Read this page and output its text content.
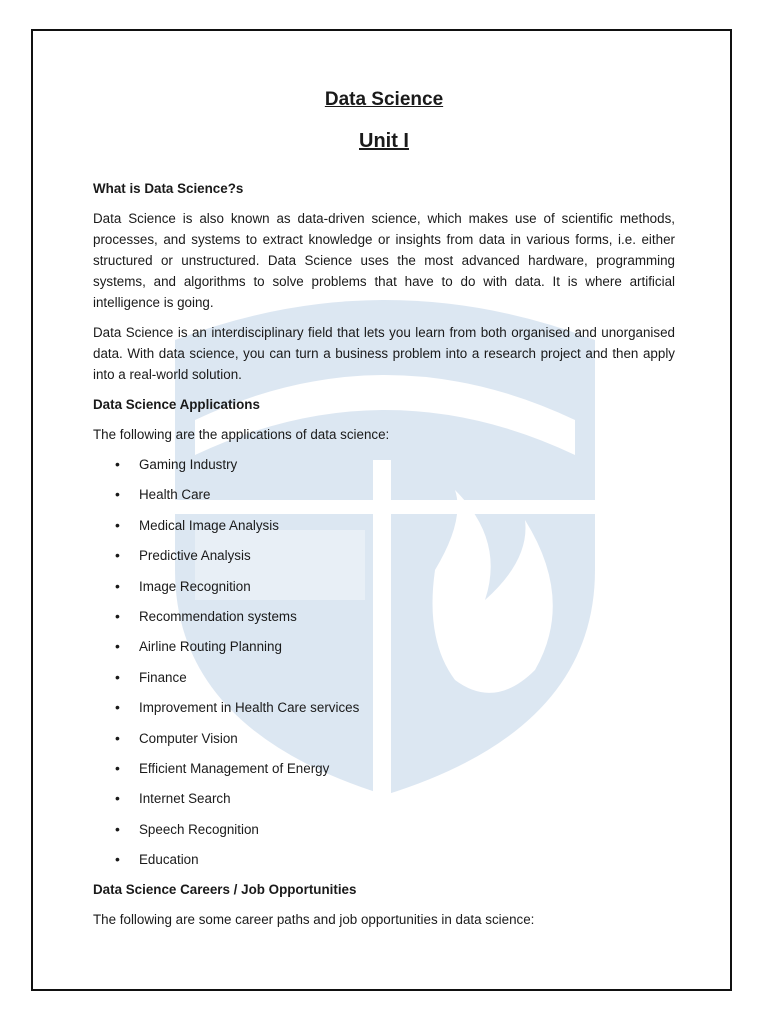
Data Science
Unit I

What is Data Science?s

Data Science is also known as data-driven science, which makes use of scientific methods, processes, and systems to extract knowledge or insights from data in various forms, i.e. either structured or unstructured. Data Science uses the most advanced hardware, programming systems, and algorithms to solve problems that have to do with data. It is where artificial intelligence is going.

Data Science is an interdisciplinary field that lets you learn from both organised and unorganised data. With data science, you can turn a business problem into a research project and then apply into a real-world solution.

Data Science Applications

The following are the applications of data science:

• Gaming Industry
• Health Care
• Medical Image Analysis
• Predictive Analysis
• Image Recognition
• Recommendation systems
• Airline Routing Planning
• Finance
• Improvement in Health Care services
• Computer Vision
• Efficient Management of Energy
• Internet Search
• Speech Recognition
• Education

Data Science Careers / Job Opportunities

The following are some career paths and job opportunities in data science:
